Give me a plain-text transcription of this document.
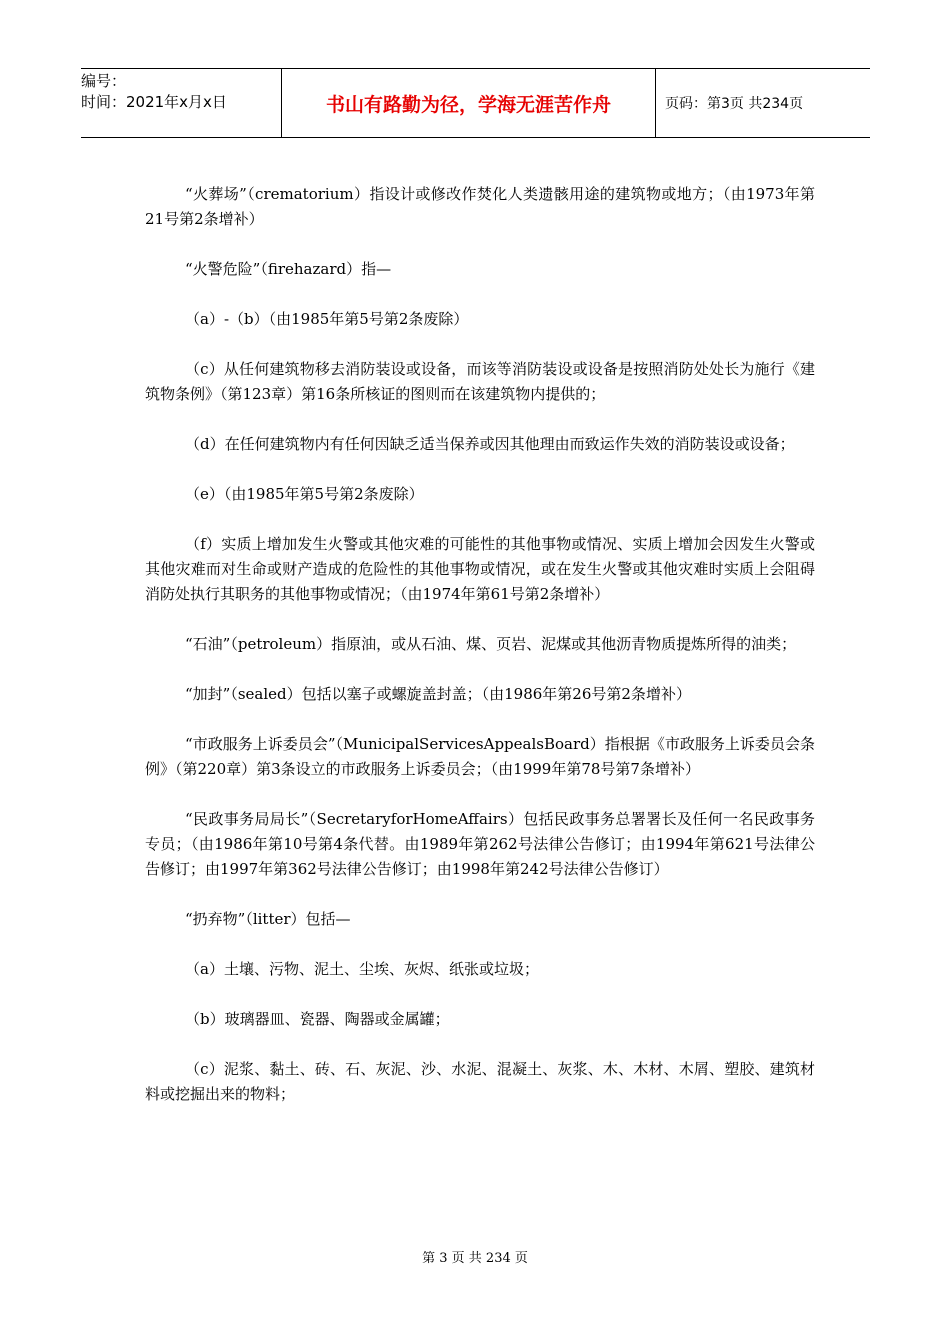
编号：
时间：2021年x月x日	书山有路勤为径，学海无涯苦作舟	页码：第3页 共234页

“火葬场”（crematorium）指设计或修改作焚化人类遗骸用途的建筑物或地方；（由1973年第21号第2条增补）

“火警危险”（firehazard）指—

（a）-（b）（由1985年第5号第2条废除）

（c）从任何建筑物移去消防装设或设备，而该等消防装设或设备是按照消防处处长为施行《建筑物条例》（第123章）第16条所核证的图则而在该建筑物内提供的；

（d）在任何建筑物内有任何因缺乏适当保养或因其他理由而致运作失效的消防装设或设备；

（e）（由1985年第5号第2条废除）

（f）实质上增加发生火警或其他灾难的可能性的其他事物或情况、实质上增加会因发生火警或其他灾难而对生命或财产造成的危险性的其他事物或情况，或在发生火警或其他灾难时实质上会阻碍消防处执行其职务的其他事物或情况；（由1974年第61号第2条增补）

“石油”（petroleum）指原油，或从石油、煤、页岩、泥煤或其他沥青物质提炼所得的油类；

“加封”（sealed）包括以塞子或螺旋盖封盖；（由1986年第26号第2条增补）

“市政服务上诉委员会”（MunicipalServicesAppealsBoard）指根据《市政服务上诉委员会条例》（第220章）第3条设立的市政服务上诉委员会；（由1999年第78号第7条增补）

“民政事务局局长”（SecretaryforHomeAffairs）包括民政事务总署署长及任何一名民政事务专员；（由1986年第10号第4条代替。由1989年第262号法律公告修订；由1994年第621号法律公告修订；由1997年第362号法律公告修订；由1998年第242号法律公告修订）

“扔弃物”（litter）包括—

（a）土壤、污物、泥土、尘埃、灰烬、纸张或垃圾；

（b）玻璃器皿、瓷器、陶器或金属罐；

（c）泥浆、黏土、砖、石、灰泥、沙、水泥、混凝土、灰浆、木、木材、木屑、塑胶、建筑材料或挖掘出来的物料；

第 3 页 共 234 页
